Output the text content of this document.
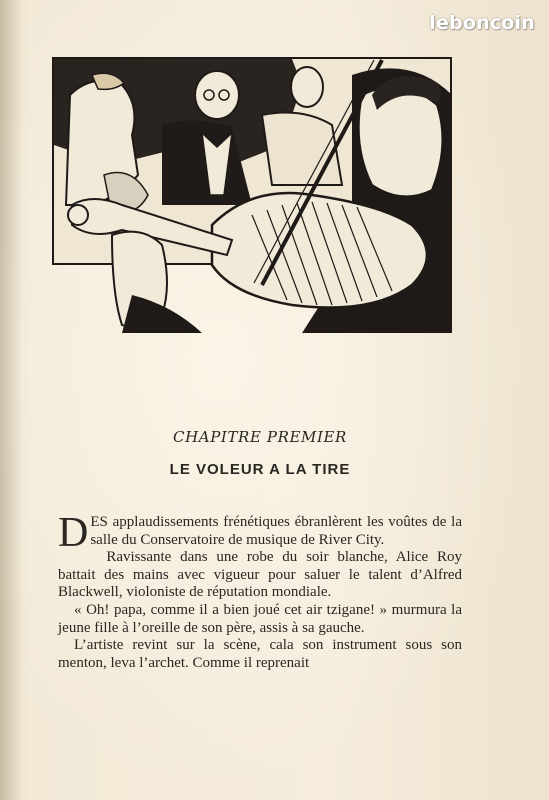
leboncoin
CHAPITRE PREMIER
LE VOLEUR A LA TIRE

DES applaudissements frénétiques ébranlèrent les voûtes de la salle du Conservatoire de musique de River City.

Ravissante dans une robe du soir blanche, Alice Roy battait des mains avec vigueur pour saluer le talent d’Alfred Blackwell, violoniste de réputation mondiale.

« Oh! papa, comme il a bien joué cet air tzigane! » murmura la jeune fille à l’oreille de son père, assis à sa gauche.

L’artiste revint sur la scène, cala son instrument sous son menton, leva l’archet. Comme il reprenait
